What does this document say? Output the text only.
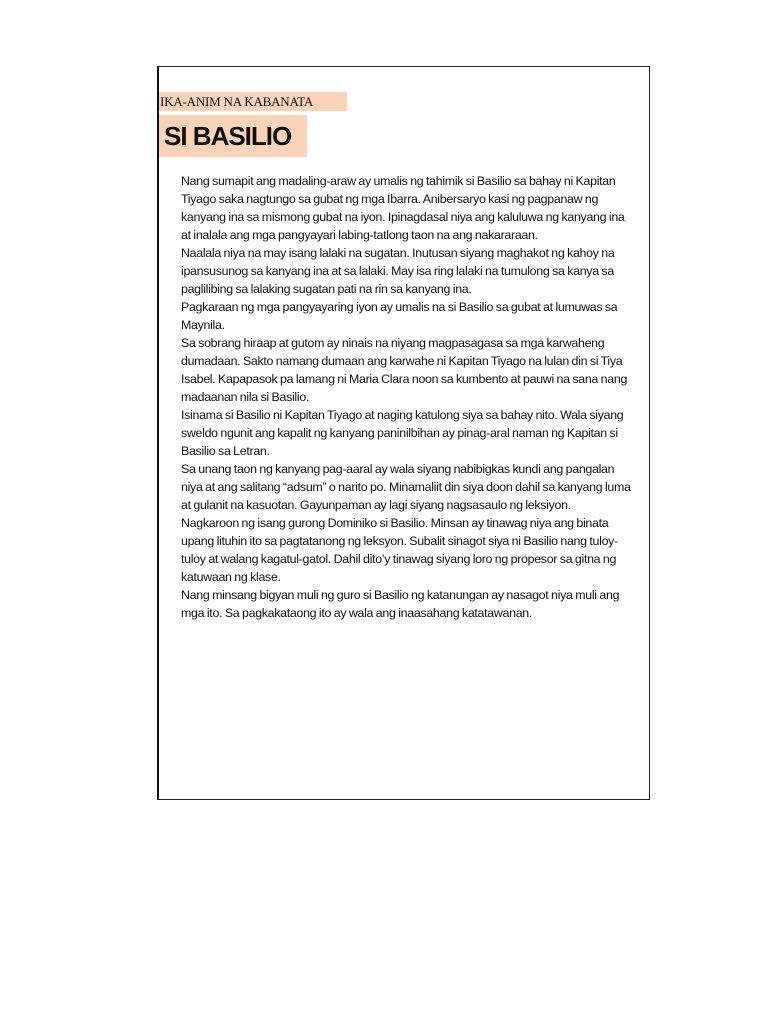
IKA-ANIM NA KABANATA
SI BASILIO

Nang sumapit ang madaling-araw ay umalis ng tahimik si Basilio sa bahay ni Kapitan Tiyago saka nagtungo sa gubat ng mga Ibarra. Anibersaryo kasi ng pagpanaw ng kanyang ina sa mismong gubat na iyon. Ipinagdasal niya ang kaluluwa ng kanyang ina at inalala ang mga pangyayari labing-tatlong taon na ang nakararaan.

Naalala niya na may isang lalaki na sugatan. Inutusan siyang maghakot ng kahoy na ipansusunog sa kanyang ina at sa lalaki. May isa ring lalaki na tumulong sa kanya sa paglilibing sa lalaking sugatan pati na rin sa kanyang ina.

Pagkaraan ng mga pangyayaring iyon ay umalis na si Basilio sa gubat at lumuwas sa Maynila.

Sa sobrang hiraap at gutom ay ninais na niyang magpasagasa sa mga karwaheng dumadaan. Sakto namang dumaan ang karwahe ni Kapitan Tiyago na lulan din si Tiya Isabel. Kapapasok pa lamang ni Maria Clara noon sa kumbento at pauwi na sana nang madaanan nila si Basilio.

Isinama si Basilio ni Kapitan Tiyago at naging katulong siya sa bahay nito. Wala siyang sweldo ngunit ang kapalit ng kanyang paninilbihan ay pinag-aral naman ng Kapitan si Basilio sa Letran.

Sa unang taon ng kanyang pag-aaral ay wala siyang nabibigkas kundi ang pangalan niya at ang salitang “adsum” o narito po. Minamaliit din siya doon dahil sa kanyang luma at gulanit na kasuotan. Gayunpaman ay lagi siyang nagsasaulo ng leksiyon.

Nagkaroon ng isang gurong Dominiko si Basilio. Minsan ay tinawag niya ang binata upang lituhin ito sa pagtatanong ng leksyon. Subalit sinagot siya ni Basilio nang tuloy-tuloy at walang kagatul-gatol. Dahil dito’y tinawag siyang loro ng propesor sa gitna ng katuwaan ng klase.

Nang minsang bigyan muli ng guro si Basilio ng katanungan ay nasagot niya muli ang mga ito. Sa pagkakataong ito ay wala ang inaasahang katatawanan.
